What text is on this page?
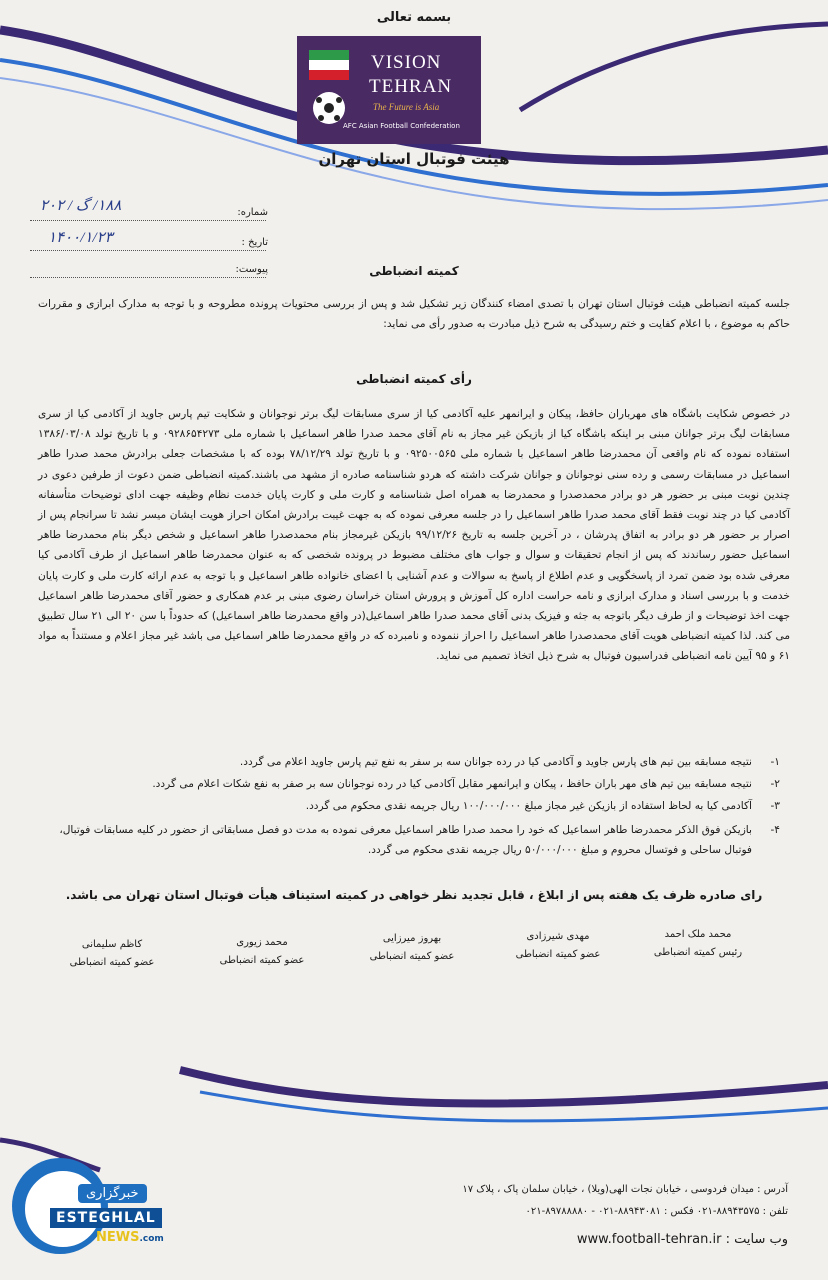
بسمه تعالی
VISION
TEHRAN
The Future is Asia
AFC Asian Football Confederation
هیئت فوتبال استان تهران
شماره:
۱۸۸/ گ / ۲۰۲
تاریخ :
۱۴۰۰/۱/۲۳
پیوست:	کمیته انضباطی
جلسه کمیته انضباطی هیئت فوتبال استان تهران با تصدی امضاء کنندگان زیر تشکیل شد و پس از بررسی محتویات پرونده مطروحه و با توجه به مدارک ابرازی و مقررات حاکم به موضوع ، با اعلام کفایت و ختم رسیدگی به شرح ذیل مبادرت به صدور رأی می نماید:
رأی کمیته انضباطی
در خصوص شکایت باشگاه های مهرباران حافظ، پیکان و ایرانمهر علیه آکادمی کیا از سری مسابقات لیگ برتر نوجوانان و شکایت تیم پارس جاوید از آکادمی کیا از سری مسابقات لیگ برتر جوانان مبنی بر اینکه باشگاه کیا از بازیکن غیر مجاز به نام آقای محمد صدرا طاهر اسماعیل با شماره ملی ۰۹۲۸۶۵۴۲۷۳ و با تاریخ تولد ۱۳۸۶/۰۳/۰۸ استفاده نموده که نام واقعی آن محمدرضا طاهر اسماعیل با شماره ملی ۰۹۲۵۰۰۵۶۵ و با تاریخ تولد ۷۸/۱۲/۲۹ بوده که با مشخصات جعلی برادرش محمد صدرا طاهر اسماعیل در مسابقات رسمی و رده سنی نوجوانان و جوانان شرکت داشته که هردو شناسنامه صادره از مشهد می باشند.کمیته انضباطی ضمن دعوت از طرفین دعوی در چندین نوبت مبنی بر حضور هر دو برادر محمدصدرا و محمدرضا به همراه اصل شناسنامه و کارت ملی و کارت پایان خدمت نظام وظیفه جهت ادای توضیحات متأسفانه آکادمی کیا در چند نوبت فقط آقای محمد صدرا طاهر اسماعیل را در جلسه معرفی نموده که به جهت غیبت برادرش امکان احراز هویت ایشان میسر نشد تا سرانجام پس از اصرار بر حضور هر دو برادر به اتفاق پدرشان ، در آخرین جلسه به تاریخ ۹۹/۱۲/۲۶ بازیکن غیرمجاز بنام محمدصدرا طاهر اسماعیل و شخص دیگر بنام محمدرضا طاهر اسماعیل حضور رساندند که پس از انجام تحقیقات و سوال و جواب های مختلف مضبوط در پرونده شخصی که به عنوان محمدرضا طاهر اسماعیل از طرف آکادمی کیا معرفی شده بود ضمن تمرد از پاسخگویی و عدم اطلاع از پاسخ به سوالات و عدم آشنایی با اعضای خانواده طاهر اسماعیل و با توجه به عدم ارائه کارت ملی و کارت پایان خدمت و با بررسی اسناد و مدارک ابرازی و نامه حراست اداره کل آموزش و پرورش استان خراسان رضوی مبنی بر عدم همکاری و حضور آقای محمدرضا طاهر اسماعیل جهت اخذ توضیحات و از طرف دیگر باتوجه به جثه و فیزیک بدنی آقای محمد صدرا طاهر اسماعیل(در واقع محمدرضا طاهر اسماعیل) که حدوداً با سن ۲۰ الی ۲۱ سال تطبیق می کند. لذا کمیته انضباطی هویت آقای محمدصدرا طاهر اسماعیل را احراز ننموده و نامبرده که در واقع محمدرضا طاهر اسماعیل می باشد غیر مجاز اعلام و مستنداً به مواد ۶۱ و ۹۵ آیین نامه انضباطی فدراسیون فوتبال به شرح ذیل اتخاذ تصمیم می نماید.
۱-
نتیجه مسابقه بین تیم های پارس جاوید و آکادمی کیا در رده جوانان سه بر سفر به نفع تیم پارس جاوید اعلام می گردد.
۲-
نتیجه مسابقه بین تیم های مهر باران حافظ ، پیکان و ایرانمهر مقابل آکادمی کیا در رده نوجوانان سه بر صفر به نفع شکات اعلام می گردد.
۳-
آکادمی کیا به لحاظ استفاده از بازیکن غیر مجاز مبلغ ۱۰۰/۰۰۰/۰۰۰ ریال جریمه نقدی محکوم می گردد.
۴-
بازیکن فوق الذکر محمدرضا طاهر اسماعیل که خود را محمد صدرا طاهر اسماعیل معرفی نموده به مدت دو فصل مسابقاتی از حضور در کلیه مسابقات فوتبال، فوتبال ساحلی و فوتسال محروم و مبلغ ۵۰/۰۰۰/۰۰۰ ریال جریمه نقدی محکوم می گردد.
رای صادره ظرف یک هفته پس از ابلاغ ، قابل تجدید نظر خواهی در کمیته استیناف هیأت فوتبال استان تهران می باشد.
محمد ملک احمد
رئیس کمیته انضباطی
مهدی شیرزادی
عضو کمیته انضباطی
بهروز میرزایی
عضو کمیته انضباطی
محمد زیوری
عضو کمیته انضباطی
کاظم سلیمانی
عضو کمیته انضباطی
آدرس : میدان فردوسی ، خیابان نجات الهی(ویلا) ، خیابان سلمان پاک ، پلاک ۱۷
تلفن : ۸۸۹۴۳۵۷۵-۰۲۱ فکس : ۸۸۹۴۳۰۸۱-۰۲۱ - ۸۹۷۸۸۸۸۰-۰۲۱
وب سایت : www.football-tehran.ir
خبرگزاری
ESTEGHLAL
NEWS.com
